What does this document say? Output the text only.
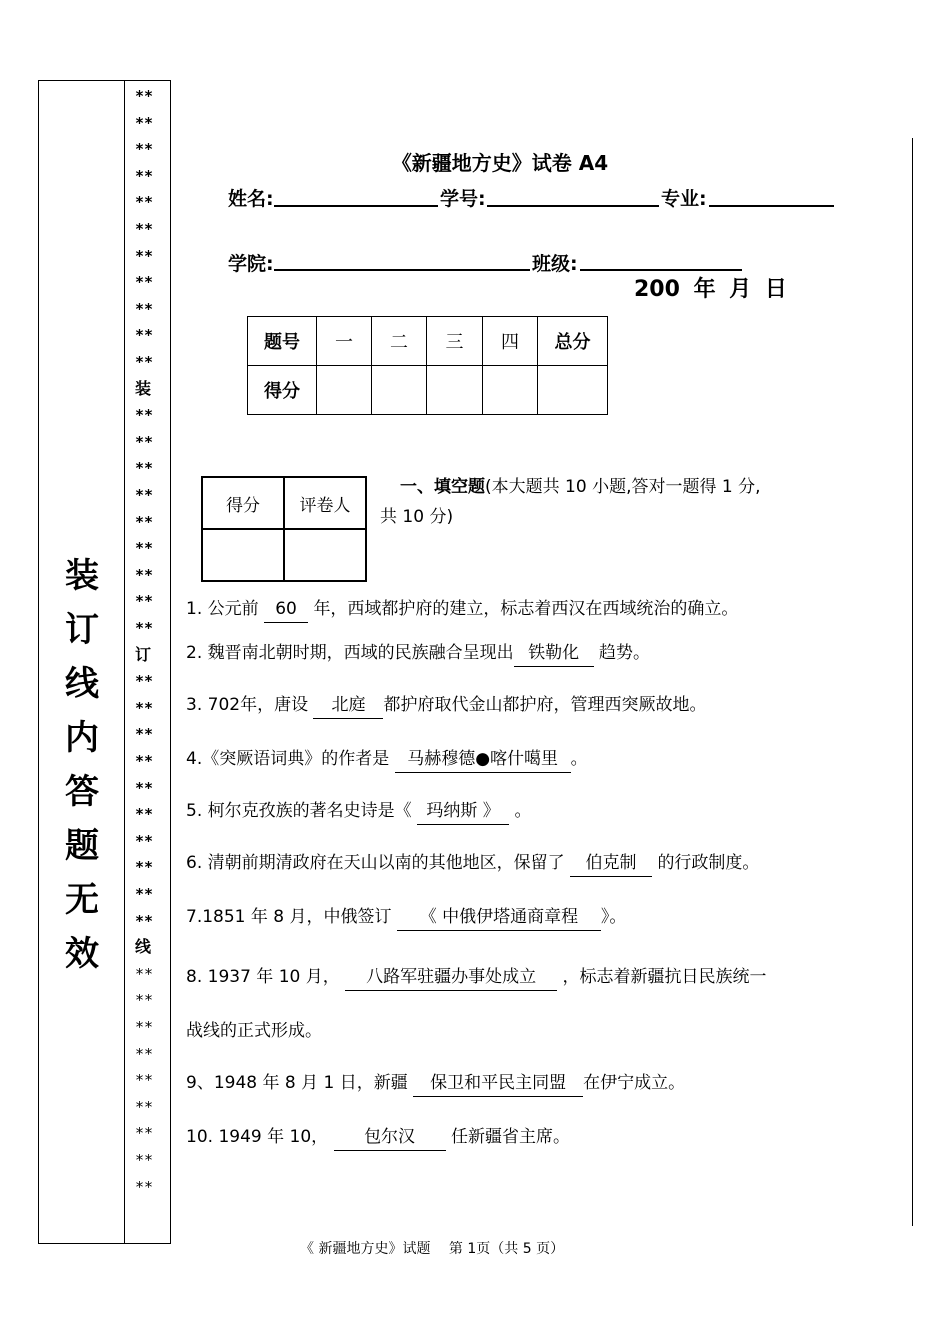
装
订
线
内
答
题
无
效
**
**
**
**
**
**
**
**
**
**
**
装
**
**
**
**
**
**
**
**
**
订
**
**
**
**
**
**
**
**
**
**
线
**
**
**
**
**
**
**
**
**
《新疆地方史》试卷 A4
姓名:	学号:	专业:
学院:	班级:
200 年 月 日
题号	一	二	三	四	总分
得分					
得分	评卷人

一、填空题(本大题共 10 小题,答对一题得 1 分,
共 10 分)
1. 公元前 60 年，西域都护府的建立，标志着西汉在西域统治的确立。
2. 魏晋南北朝时期，西域的民族融合呈现出 铁勒化 趋势。
3. 702年，唐设 北庭 都护府取代金山都护府，管理西突厥故地。
4.《突厥语词典》的作者是 马赫穆德●喀什噶里 。
5. 柯尔克孜族的著名史诗是《 玛纳斯 》 。
6. 清朝前期清政府在天山以南的其他地区，保留了 伯克制 的行政制度。
7.1851 年 8 月，中俄签订 《 中俄伊塔通商章程 》。
8. 1937 年 10 月， 八路军驻疆办事处成立 ，标志着新疆抗日民族统一
战线的正式形成。
9、1948 年 8 月 1 日，新疆 保卫和平民主同盟 在伊宁成立。
10. 1949 年 10， 包尔汉 任新疆省主席。
《 新疆地方史》试题　 第 1页（共 5 页）
